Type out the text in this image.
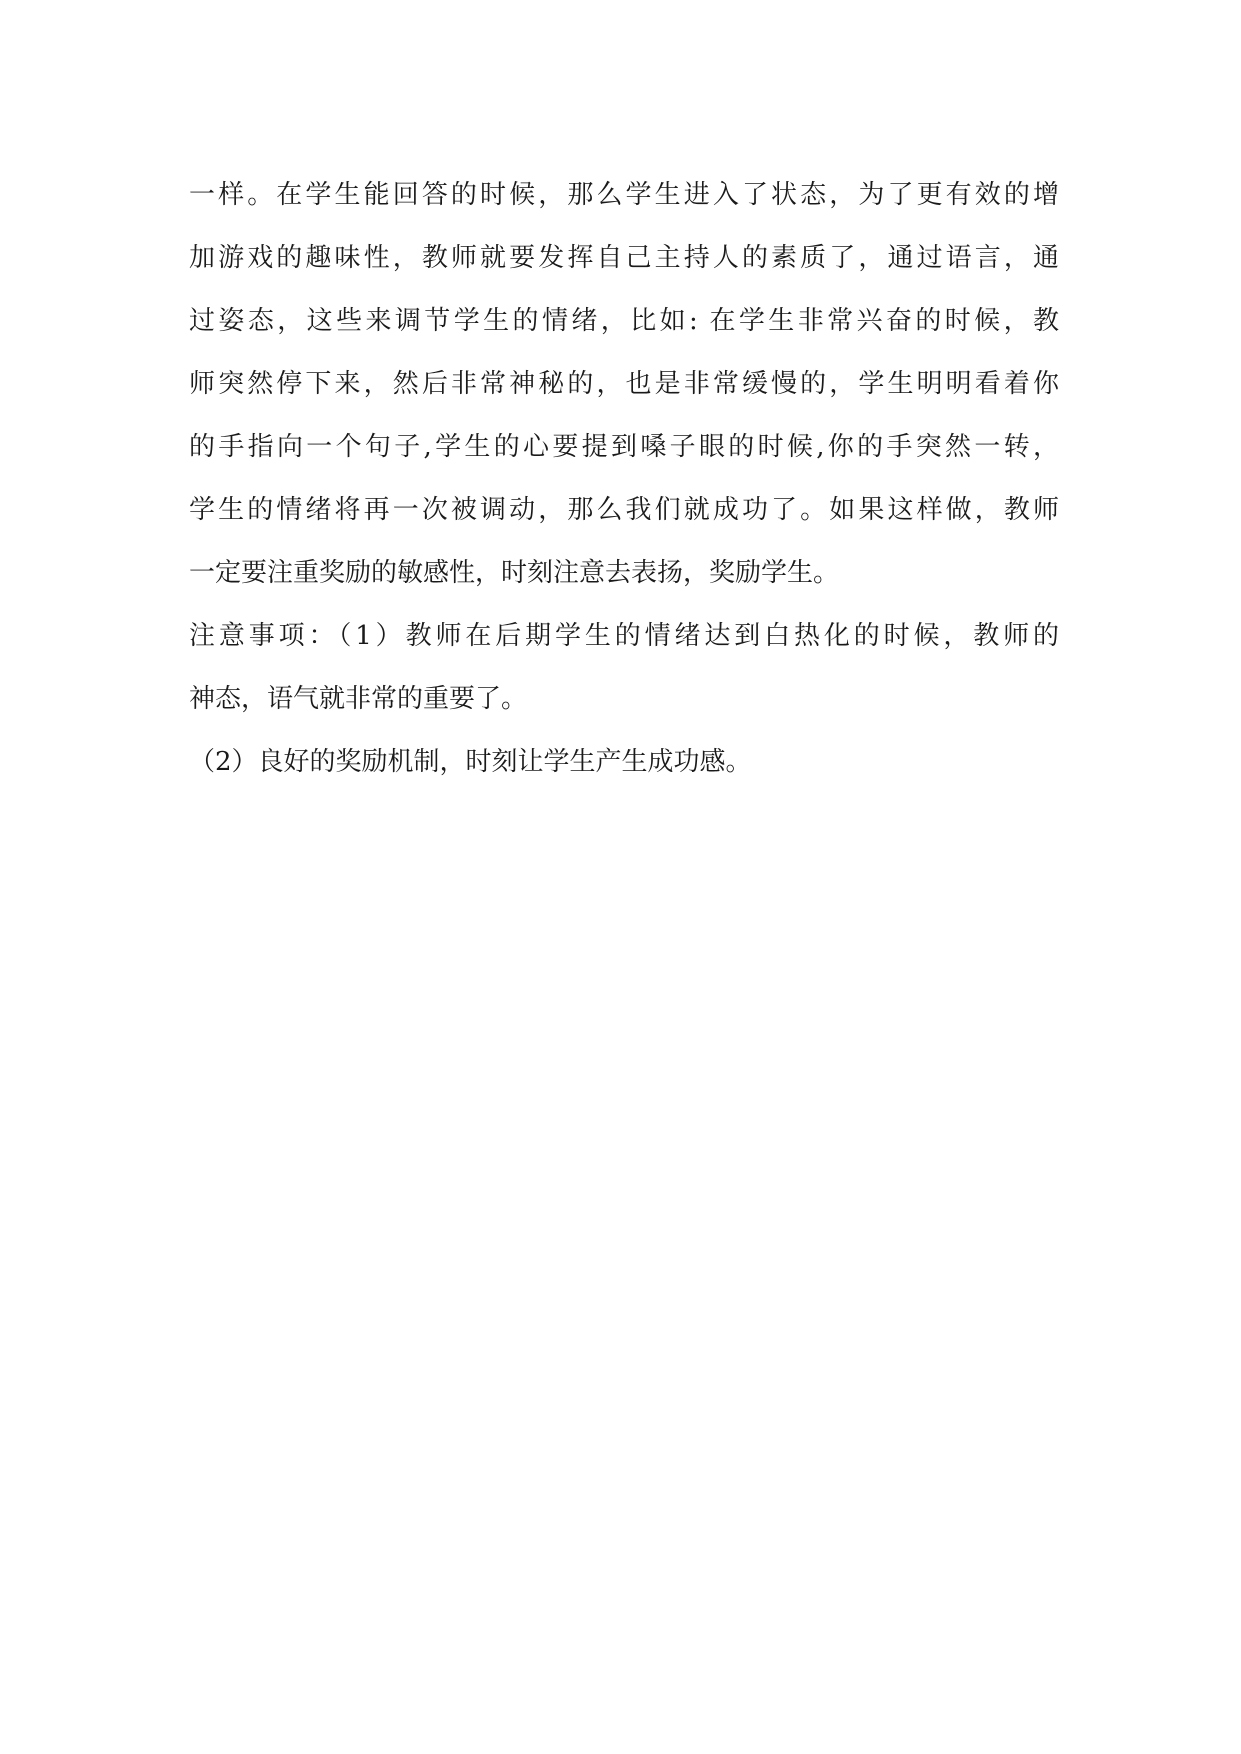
一样。在学生能回答的时候，那么学生进入了状态，为了更有效的增
加游戏的趣味性，教师就要发挥自己主持人的素质了，通过语言，通
过姿态，这些来调节学生的情绪，比如: 在学生非常兴奋的时候，教
师突然停下来，然后非常神秘的，也是非常缓慢的，学生明明看着你
的手指向一个句子,学生的心要提到嗓子眼的时候,你的手突然一转，
学生的情绪将再一次被调动，那么我们就成功了。如果这样做，教师
一定要注重奖励的敏感性，时刻注意去表扬，奖励学生。
注意事项：（1）教师在后期学生的情绪达到白热化的时候，教师的
神态，语气就非常的重要了。
（2）良好的奖励机制，时刻让学生产生成功感。
